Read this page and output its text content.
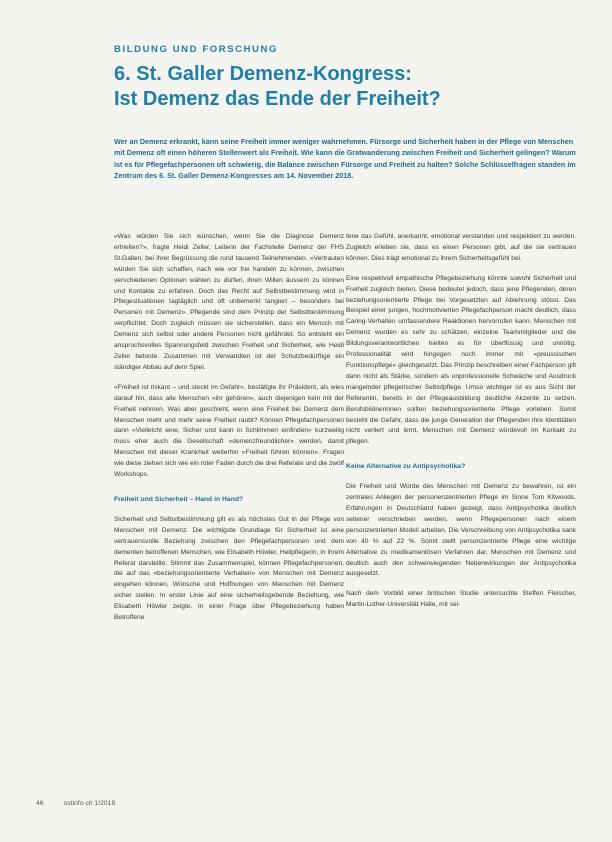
BILDUNG UND FORSCHUNG
6. St. Galler Demenz-Kongress:
Ist Demenz das Ende der Freiheit?
Wer an Demenz erkrankt, kann seine Freiheit immer weniger wahrnehmen. Fürsorge und Sicherheit haben in der Pflege von Menschen mit Demenz oft einen höheren Stellenwert als Freiheit. Wie kann die Gratwanderung zwischen Freiheit und Sicherheit gelingen? Warum ist es für Pflegefachpersonen oft schwierig, die Balance zwischen Fürsorge und Freiheit zu halten? Solche Schlüsselfragen standen im Zentrum des 6. St. Galler Demenz-Kongresses am 14. November 2018.

«Was würden Sie sich wünschen, wenn Sie die Diagnose Demenz erhielten?», fragte Heidi Zeller, Leiterin der Fachstelle Demenz der FHS St.Gallen, bei ihrer Begrüssung die rund tausend Teilnehmenden. «Vertrauten würden Sie sich schaffen, nach wie vor frei handeln zu können, zwischen verschiedenen Optionen wählen zu dürfen, ihren Willen äussern zu können und Kontakte zu erfahren. Doch das Recht auf Selbstbestimmung wird in Pflegesituationen tagtäglich und oft unbemerkt tangiert – besonders bei Personen mit Demenz». Pflegende sind dem Prinzip der Selbstbestimmung verpflichtet. Doch zugleich müssen sie sicherstellen, dass ein Mensch mit Demenz sich selbst oder andere Personen nicht gefährdet. So entsteht ein anspruchsvolles Spannungsfeld zwischen Freiheit und Sicherheit, wie Heidi Zeller betonte. Zusammen mit Verwandten ist der Schutzbedürftige ein ständiger Abbau auf dem Spiel.

«Freiheit ist riskant – und steckt im Gefahr», bestätigte ihr Präsident, als wies darauf hin, dass alle Menschen «ihr gehören», auch diejenigen kein mit der Freiheit nehmen. Was aber geschieht, wenn eine Freiheit bei Demenz dem Menschen mehr und mehr seine Freiheit raubt? Können Pflegefachpersonen dann «Vielleicht eine, Sicher und kann in Schlimmen einfinden» kurzweilig muss eher auch die Gesellschaft «demenzfreundlicher» werden, damit Menschen mit dieser Krankheit weiterhin «Freiheit führen können». Fragen wie diese ziehen sich wie ein roter Faden durch die drei Referate und die zwölf Workshops.

Freiheit und Sicherheit – Hand in Hand?

Sicherheit und Selbstbestimmung gilt es als höchstes Gut in der Pflege von Menschen mit Demenz. Die wichtigste Grundlage für Sicherheit ist eine vertrauensvolle Beziehung zwischen den Pflegefachpersonen und dem dementen betroffenen Menschen, wie Elisabeth Höwler, Heilpflegerin, in ihrem Referat darstellte. Stimmt das Zusammenspiel, können Pflegefachpersonen, die auf das «beziehungsorientierte Verhalten» von Menschen mit Demenz eingehen können, Wünsche und Hoffnungen von Menschen mit Demenz sicher stellen. In erster Linie auf eine sicherheitsgebende Beziehung, wie Elisabeth Höwler zeigte. In einer Frage über Pflegebeziehung haben Betroffene

fene das Gefühl, anerkannt, emotional verstanden und respektiert zu werden. Zugleich erleben sie, dass es einen Personen gibt, auf die sie vertrauen können. Dies trägt emotional zu ihrem Sicherheitsgefühl bei.

Eine respektvoll empathische Pflegebeziehung könnte sowohl Sicherheit und Freiheit zugleich bieten. Diese bedeutet jedoch, dass jene Pflegenden, deren beziehungsorientierte Pflege bei Vorgesetzten auf Ablehnung stösst. Das Beispiel einer jungen, hochmotivierten Pflegefachperson macht deutlich, dass Caring-Verhalten umfassendere Reaktionen hervorrufen kann. Menschen mit Demenz wurden es sehr zu schätzen, einzelne Teammitglieder und die Bildungsverantwortlichen hielten es für überflüssig und unnötig. Professionalität wird hingegen noch immer mit «preussischen Funktionspflege» gleichgesetzt. Das Prinzip beschreiben einer Fachperson gilt dann nicht als Stärke, sondern als unprofessionelle Schwäche und Ausdruck mangelnder pflegerischer Selbstpflege. Umso wichtiger ist es aus Sicht der Referentin, bereits in der Pflegeausbildung deutliche Akzente zu setzen. Berufsbildnerinnen sollten beziehungsorientierte Pflege vorleben. Somit besteht die Gefahr, dass die junge Generation der Pflegenden ihre Identitäten nicht verliert und lernt, Menschen mit Demenz würdevoll im Kontakt zu pflegen.

Keine Alternative zu Antipsychotika?

Die Freiheit und Würde des Menschen mit Demenz zu bewahren, ist ein zentrales Anliegen der personenzentrierten Pflege im Sinne Tom Kitwoods. Erfahrungen in Deutschland haben gezeigt, dass Antipsychotika deutlich seltener verschrieben werden, wenn Pflegepersonen nach einem personzentrierten Modell arbeiten. Die Verschreibung von Antipsychotika sank von 40 % auf 22 %. Somit stellt personzentrierte Pflege eine wichtige Alternative zu medikamentösen Verfahren dar, Menschen mit Demenz und deutlich auch den schwerwiegenden Nebenwirkungen der Antipsychotika ausgesetzt.

Nach dem Vorbild einer britischen Studie untersuchte Steffen Fleischer, Martin-Luther-Universität Halle, mit sei-

46	ostinfo ch 1/2019
